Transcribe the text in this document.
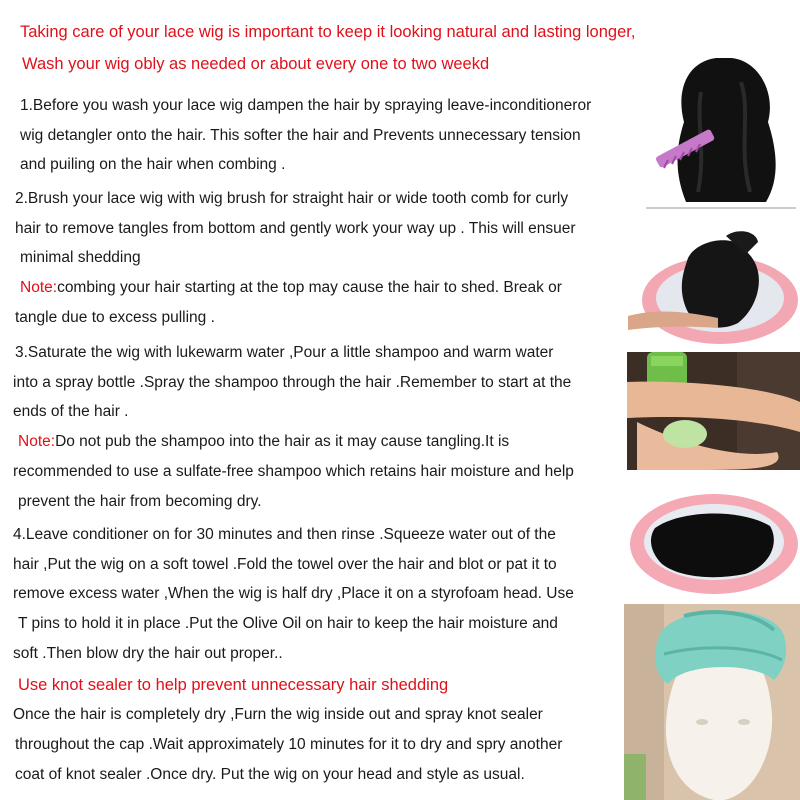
Taking care of your lace wig is important to keep it looking natural and lasting longer,
Wash your wig obly as needed or about every one to two weekd
1.Before you wash your lace wig dampen the hair by spraying leave-inconditioneror
wig detangler onto the hair. This softer the hair and Prevents unnecessary tension
and puiling on the hair when combing .
2.Brush your lace wig with wig brush for straight hair or wide tooth comb for curly
hair to remove tangles from bottom and gently work your way up . This will ensuer
minimal shedding
Note:combing your hair starting at the top may cause the hair to shed. Break or
tangle due to excess pulling .
3.Saturate the wig with lukewarm water ,Pour a little shampoo and warm water
into a spray bottle .Spray the shampoo through the hair .Remember to start at the
ends of the hair .
Note:Do not pub the shampoo into the hair as it may cause tangling.It is
recommended to use a sulfate-free shampoo which retains hair moisture and help
prevent the hair from becoming dry.
4.Leave conditioner on for 30 minutes and then rinse .Squeeze water out of the
hair ,Put the wig on a soft towel .Fold the towel over the hair and blot or pat it to
remove excess water ,When the wig is half dry ,Place it on a styrofoam head. Use
T pins to hold it in place .Put the Olive Oil on hair to keep the hair moisture and
soft .Then blow dry the hair out proper..
Use knot sealer to help prevent unnecessary hair shedding
Once the hair is completely dry ,Furn the wig inside out and spray knot sealer
throughout the cap .Wait approximately 10 minutes for it to dry and spry another
coat of knot sealer .Once dry. Put the wig on your head and style as usual.
